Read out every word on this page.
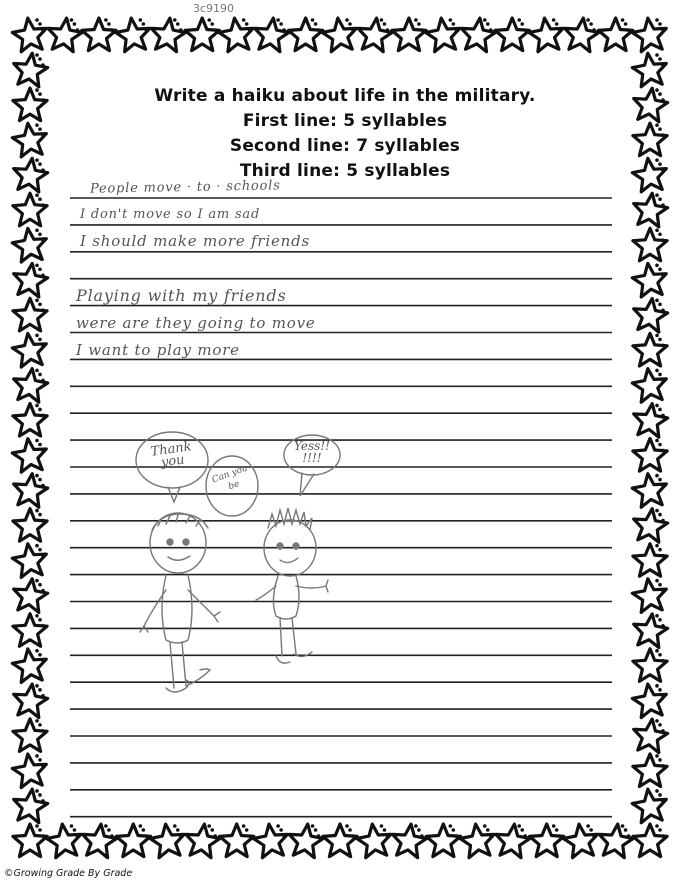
3c9190
Write a haiku about life in the military.
First line: 5 syllables
Second line: 7 syllables
Third line: 5 syllables
People move · to · schools
I don't move so I am sad
I should make more friends
Playing with my friends
were are they going to move
I want to play more
Thank you
Can you be
Yess!! !!!!
©Growing Grade By Grade
